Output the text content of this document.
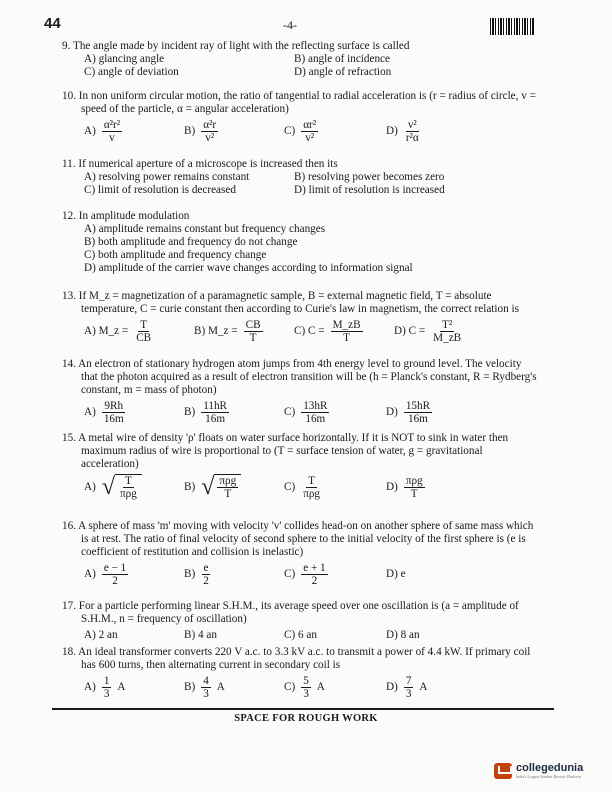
44	-4-
9. The angle made by incident ray of light with the reflecting surface is called
A) glancing angle	B) angle of incidence
C) angle of deviation	D) angle of refraction
10. In non uniform circular motion, the ratio of tangential to radial acceleration is (r = radius of circle, v = speed of the particle, α = angular acceleration)
$A) \frac{\text{α²r²}}{v}$	$B) \frac{\text{α²r}}{\text{v²}}$	$C) \frac{\text{αr²}}{\text{v²}}$	$D) \frac{\text{v²}}{\text{r²α}}$
11. If numerical aperture of a microscope is increased then its
A) resolving power remains constant	B) resolving power becomes zero
C) limit of resolution is decreased	D) limit of resolution is increased
12. In amplitude modulation
A) amplitude remains constant but frequency changes
B) both amplitude and frequency do not change
C) both amplitude and frequency change
D) amplitude of the carrier wave changes according to information signal
13. If M_z = magnetization of a paramagnetic sample, B = external magnetic field, T = absolute temperature, C = curie constant then according to Curie's law in magnetism, the correct relation is
A) M_z = $\frac{T}{CB}$	B) M_z = $\frac{CB}{T}$	C) $C = \frac{M\_zB}{T}$	D) $C = \frac{\text{T²}}{M\_zB}$
14. An electron of stationary hydrogen atom jumps from 4th energy level to ground level. The velocity that the photon acquired as a result of electron transition will be (h = Planck's constant, R = Rydberg's constant, m = mass of photon)
$A) \frac{9Rh}{16m}$	$B) \frac{11hR}{16m}$	$C) \frac{13hR}{16m}$	$D) \frac{15hR}{16m}$
15. A metal wire of density 'ρ' floats on water surface horizontally. If it is NOT to sink in water then maximum radius of wire is proportional to (T = surface tension of water, g = gravitational acceleration)
A) √ $\frac{T}{\text{πρg}}$	B) √ $\frac{\text{πρg}}{T}$	$C) \frac{T}{\text{πρg}}$	$D) \frac{\text{πρg}}{T}$
16. A sphere of mass 'm' moving with velocity 'v' collides head-on on another sphere of same mass which is at rest. The ratio of final velocity of second sphere to the initial velocity of the first sphere is (e is coefficient of restitution and collision is inelastic)
$A) \frac{e - 1}{2}$	$B) \frac{e}{2}$	$C) \frac{e + 1}{2}$	D) e
17. For a particle performing linear S.H.M., its average speed over one oscillation is (a = amplitude of S.H.M., n = frequency of oscillation)
A) 2 an	B) 4 an	C) 6 an	D) 8 an
18. An ideal transformer converts 220 V a.c. to 3.3 kV a.c. to transmit a power of 4.4 kW. If primary coil has 600 turns, then alternating current in secondary coil is
$A) \frac{1}{3}$ A	$B) \frac{4}{3}$ A	$C) \frac{5}{3}$ A	$D) \frac{7}{3}$ A
SPACE FOR ROUGH WORK
collegedunia
India's Largest Student Review Platform
